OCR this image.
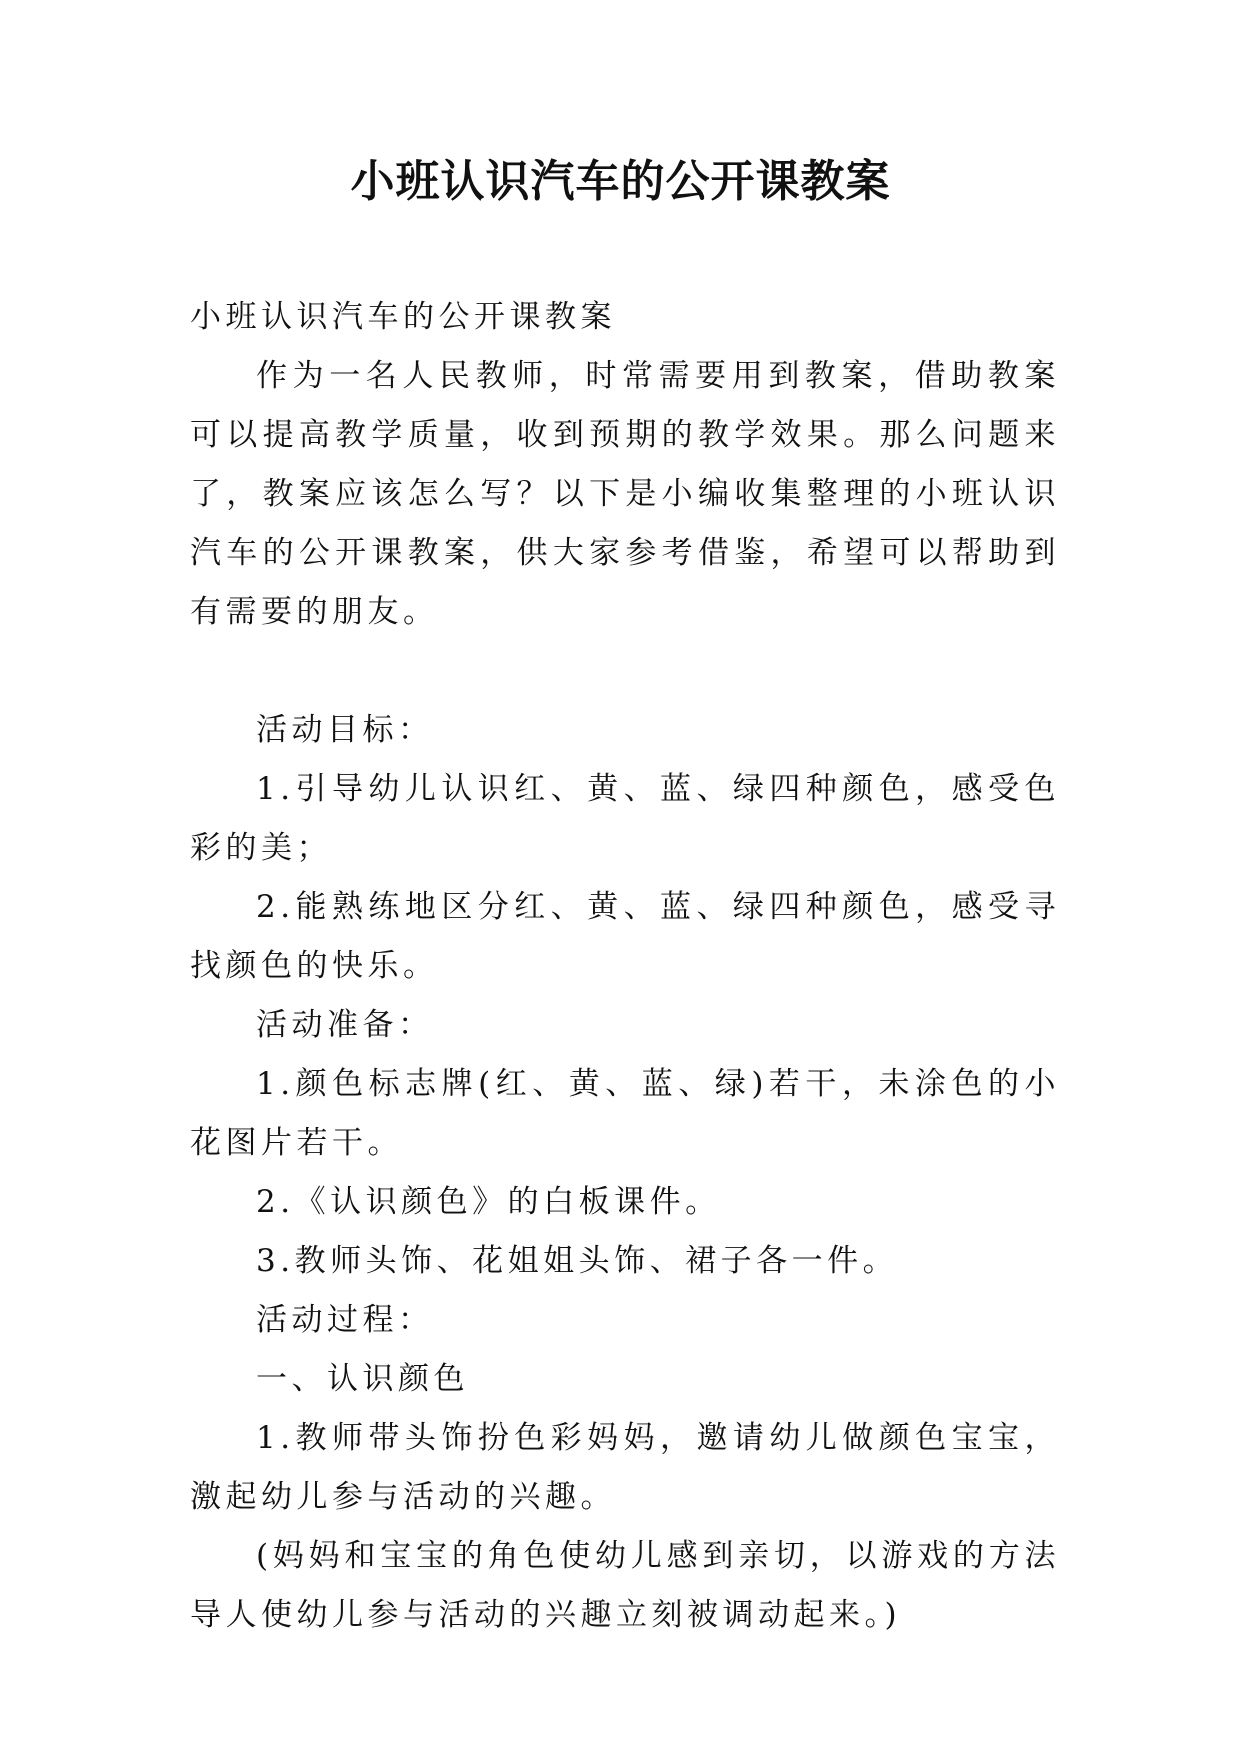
小班认识汽车的公开课教案

小班认识汽车的公开课教案

作为一名人民教师，时常需要用到教案，借助教案可以提高教学质量，收到预期的教学效果。那么问题来了，教案应该怎么写？以下是小编收集整理的小班认识汽车的公开课教案，供大家参考借鉴，希望可以帮助到有需要的朋友。

活动目标：

1.引导幼儿认识红、黄、蓝、绿四种颜色，感受色彩的美；

2.能熟练地区分红、黄、蓝、绿四种颜色，感受寻找颜色的快乐。

活动准备：

1.颜色标志牌(红、黄、蓝、绿)若干，未涂色的小花图片若干。

2.《认识颜色》的白板课件。

3.教师头饰、花姐姐头饰、裙子各一件。

活动过程：

一、认识颜色

1.教师带头饰扮色彩妈妈，邀请幼儿做颜色宝宝，激起幼儿参与活动的兴趣。

(妈妈和宝宝的角色使幼儿感到亲切，以游戏的方法导人使幼儿参与活动的兴趣立刻被调动起来。)
